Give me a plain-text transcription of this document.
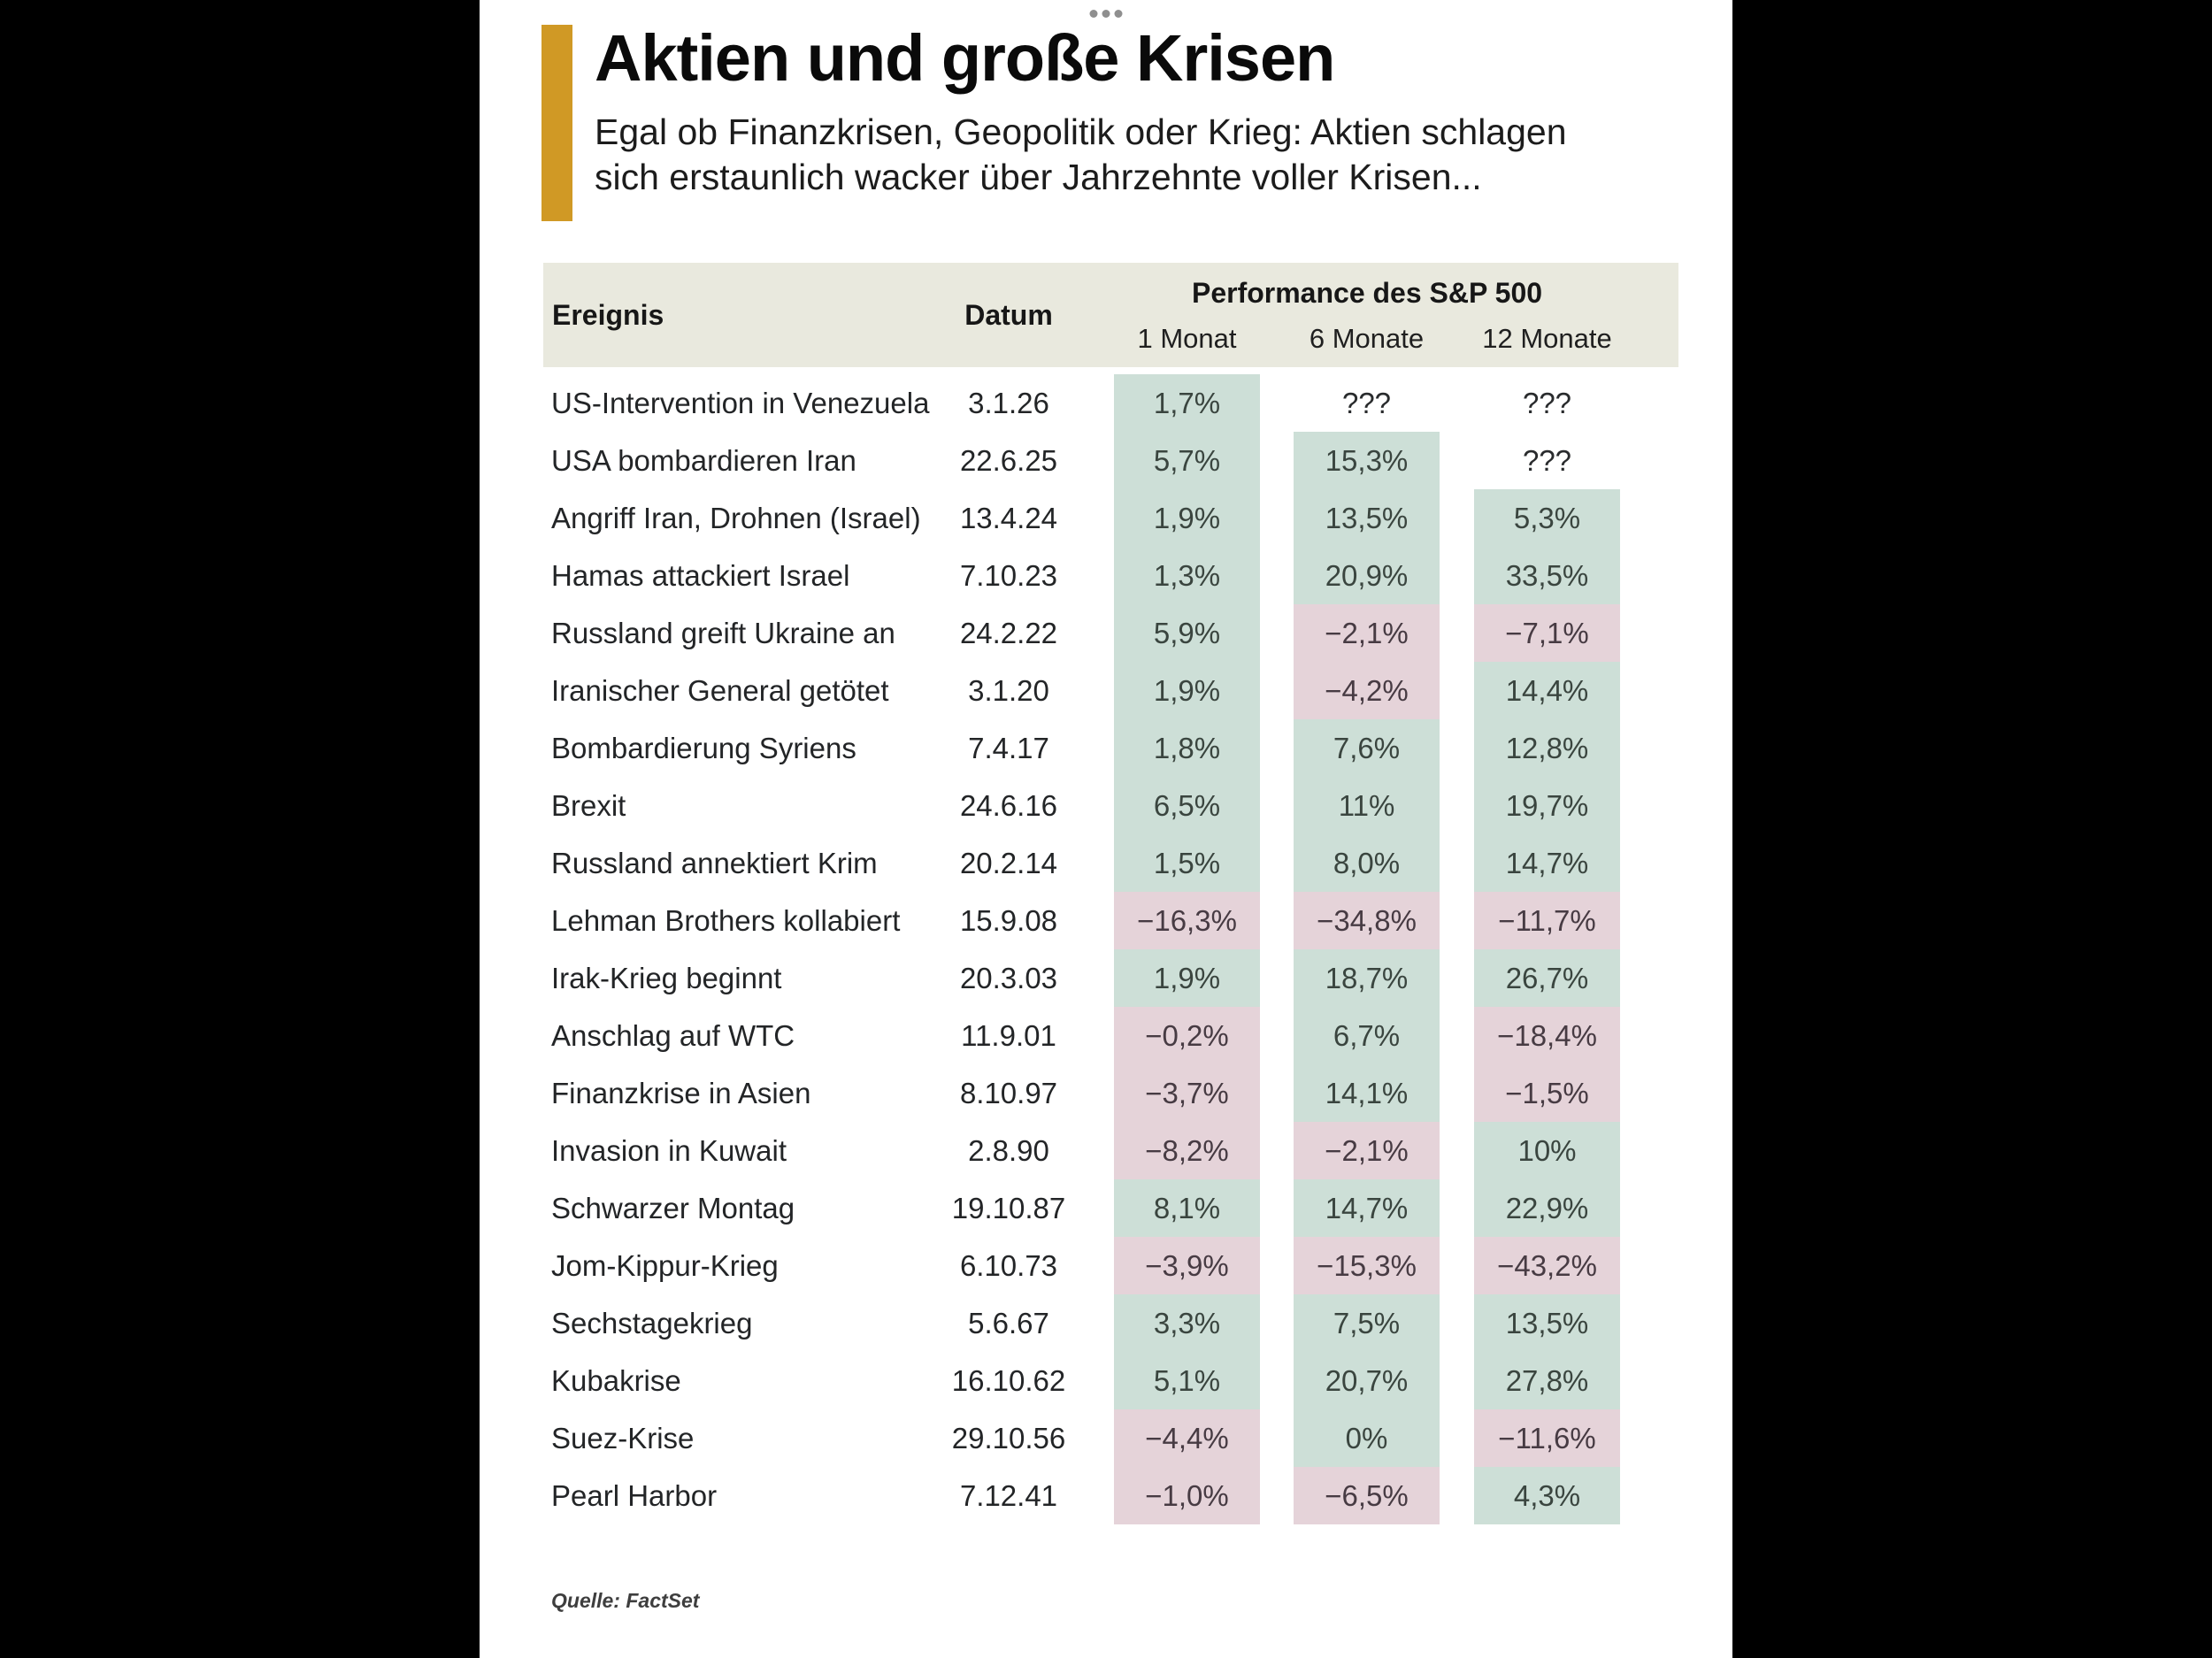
Aktien und große Krisen

Egal ob Finanzkrisen, Geopolitik oder Krieg: Aktien schlagen
sich erstaunlich wacker über Jahrzehnte voller Krisen...

Ereignis	Datum
Performance des S&P 500
1 Monat	6 Monate 12 Monate
US-Intervention in Venezuela	3.1.26	1,7%	???	???
USA bombardieren Iran	22.6.25	5,7%	15,3%	???
Angriff Iran, Drohnen (Israel)	13.4.24	1,9%	13,5%	5,3%
Hamas attackiert Israel	7.10.23	1,3%	20,9%	33,5%
Russland greift Ukraine an	24.2.22	5,9%	−2,1%	−7,1%
Iranischer General getötet	3.1.20	1,9%	−4,2%	14,4%
Bombardierung Syriens	7.4.17	1,8%	7,6%	12,8%
Brexit	24.6.16	6,5%	11%	19,7%
Russland annektiert Krim	20.2.14	1,5%	8,0%	14,7%
Lehman Brothers kollabiert	15.9.08	−16,3%	−34,8%	−11,7%
Irak-Krieg beginnt	20.3.03	1,9%	18,7%	26,7%
Anschlag auf WTC	11.9.01	−0,2%	6,7%	−18,4%
Finanzkrise in Asien	8.10.97	−3,7%	14,1%	−1,5%
Invasion in Kuwait	2.8.90	−8,2%	−2,1%	10%
Schwarzer Montag	19.10.87	8,1%	14,7%	22,9%
Jom-Kippur-Krieg	6.10.73	−3,9%	−15,3%	−43,2%
Sechstagekrieg	5.6.67	3,3%	7,5%	13,5%
Kubakrise	16.10.62	5,1%	20,7%	27,8%
Suez-Krise	29.10.56	−4,4%	0%	−11,6%
Pearl Harbor	7.12.41	−1,0%	−6,5%	4,3%
Quelle: FactSet
